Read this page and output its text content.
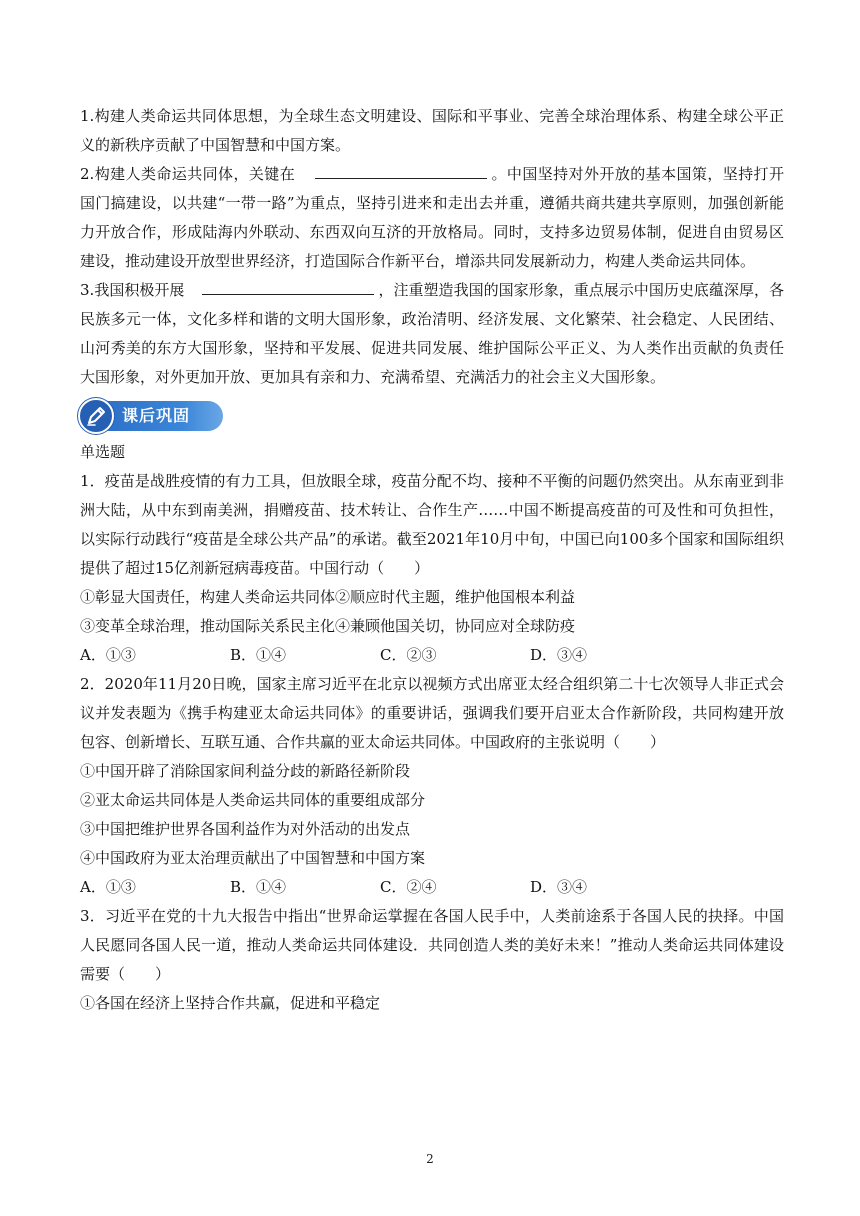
1.构建人类命运共同体思想，为全球生态文明建设、国际和平事业、完善全球治理体系、构建全球公平正义的新秩序贡献了中国智慧和中国方案。

2.构建人类命运共同体，关键在	。中国坚持对外开放的基本国策，坚持打开国门搞建设，以共建“一带一路”为重点，坚持引进来和走出去并重，遵循共商共建共享原则，加强创新能力开放合作，形成陆海内外联动、东西双向互济的开放格局。同时，支持多边贸易体制，促进自由贸易区建设，推动建设开放型世界经济，打造国际合作新平台，增添共同发展新动力，构建人类命运共同体。

3.我国积极开展	，注重塑造我国的国家形象，重点展示中国历史底蕴深厚，各民族多元一体，文化多样和谐的文明大国形象，政治清明、经济发展、文化繁荣、社会稳定、人民团结、山河秀美的东方大国形象，坚持和平发展、促进共同发展、维护国际公平正义、为人类作出贡献的负责任大国形象，对外更加开放、更加具有亲和力、充满希望、充满活力的社会主义大国形象。

课后巩固

单选题

1．疫苗是战胜疫情的有力工具，但放眼全球，疫苗分配不均、接种不平衡的问题仍然突出。从东南亚到非洲大陆，从中东到南美洲，捐赠疫苗、技术转让、合作生产……中国不断提高疫苗的可及性和可负担性，以实际行动践行“疫苗是全球公共产品”的承诺。截至2021年10月中旬，中国已向100多个国家和国际组织提供了超过15亿剂新冠病毒疫苗。中国行动（　　）

①彰显大国责任，构建人类命运共同体②顺应时代主题，维护他国根本利益

③变革全球治理，推动国际关系民主化④兼顾他国关切，协同应对全球防疫

A．①③	B．①④	C．②③	D．③④

2．2020年11月20日晚，国家主席习近平在北京以视频方式出席亚太经合组织第二十七次领导人非正式会议并发表题为《携手构建亚太命运共同体》的重要讲话，强调我们要开启亚太合作新阶段，共同构建开放包容、创新增长、互联互通、合作共赢的亚太命运共同体。中国政府的主张说明（　　）

①中国开辟了消除国家间利益分歧的新路径新阶段

②亚太命运共同体是人类命运共同体的重要组成部分

③中国把维护世界各国利益作为对外活动的出发点

④中国政府为亚太治理贡献出了中国智慧和中国方案

A．①③	B．①④	C．②④	D．③④

3．习近平在党的十九大报告中指出“世界命运掌握在各国人民手中，人类前途系于各国人民的抉择。中国人民愿同各国人民一道，推动人类命运共同体建设．共同创造人类的美好未来！”推动人类命运共同体建设需要（　　）

①各国在经济上坚持合作共赢，促进和平稳定

2
